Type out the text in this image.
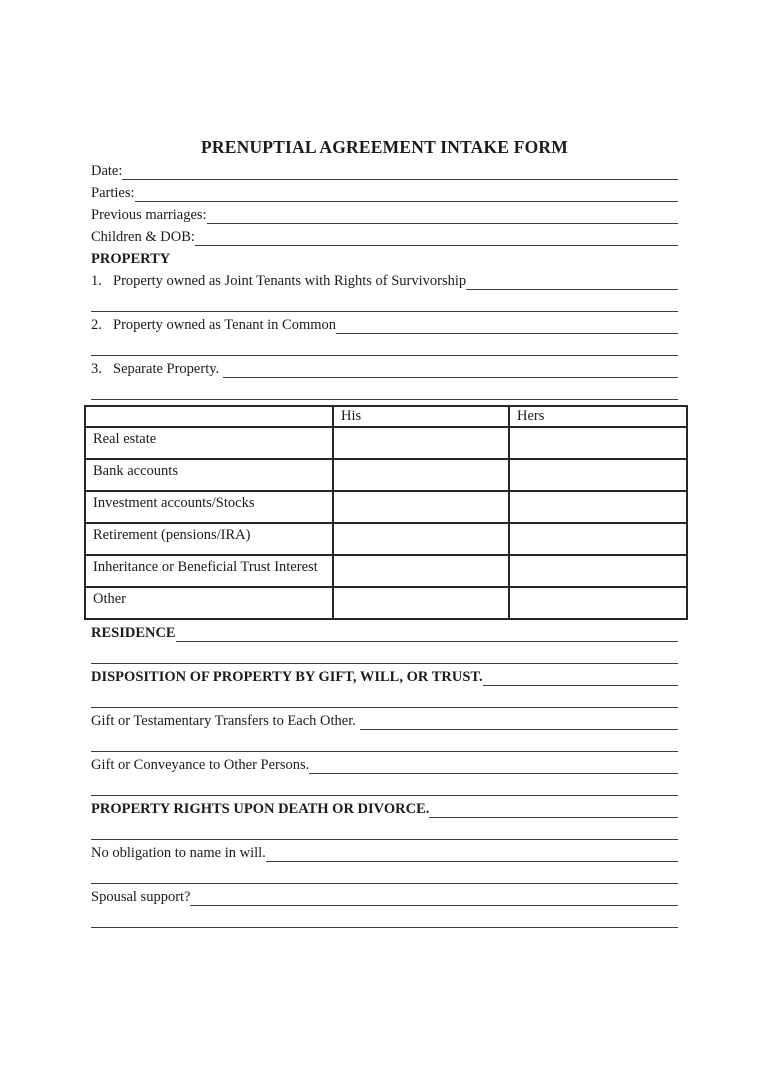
PRENUPTIAL AGREEMENT INTAKE FORM
Date:
Parties:
Previous marriages:
Children & DOB:
PROPERTY
1. Property owned as Joint Tenants with Rights of Survivorship
2. Property owned as Tenant in Common
3. Separate Property.
	His	Hers
Real estate		
Bank accounts		
Investment accounts/Stocks		
Retirement (pensions/IRA)		
Inheritance or Beneficial Trust Interest		
Other		
RESIDENCE
DISPOSITION OF PROPERTY BY GIFT, WILL, OR TRUST.
Gift or Testamentary Transfers to Each Other.
Gift or Conveyance to Other Persons.
PROPERTY RIGHTS UPON DEATH OR DIVORCE.
No obligation to name in will.
Spousal support?
